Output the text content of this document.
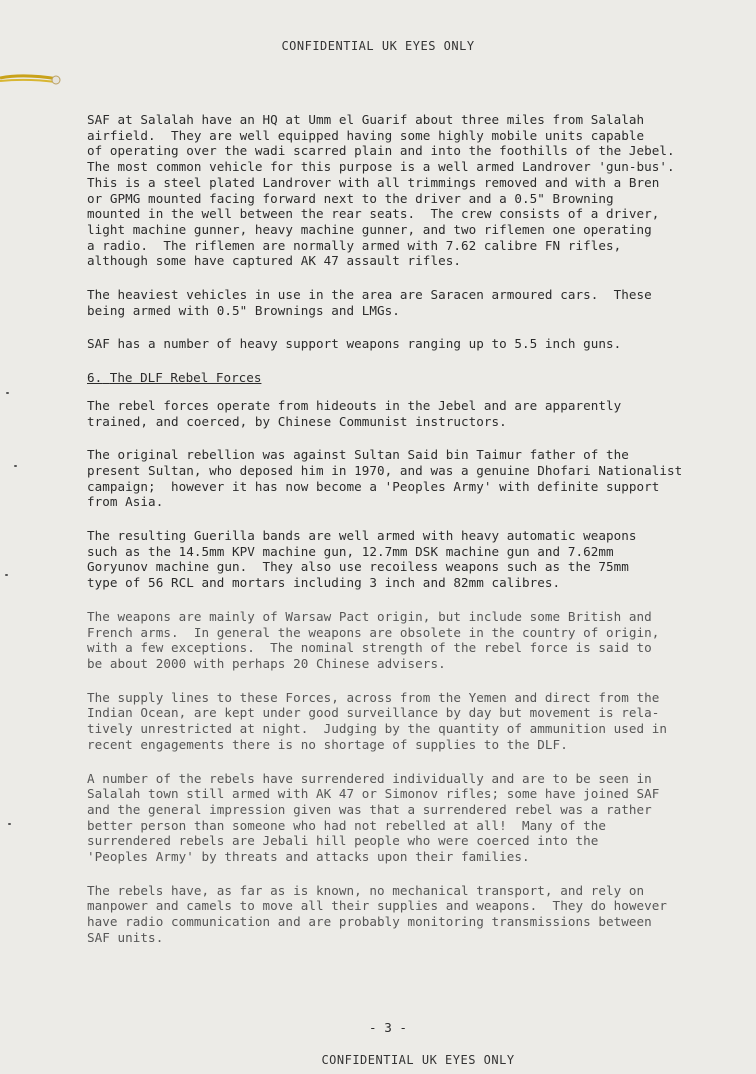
CONFIDENTIAL UK EYES ONLY

SAF at Salalah have an HQ at Umm el Guarif about three miles from Salalah
airfield.  They are well equipped having some highly mobile units capable
of operating over the wadi scarred plain and into the foothills of the Jebel.
The most common vehicle for this purpose is a well armed Landrover 'gun-bus'.
This is a steel plated Landrover with all trimmings removed and with a Bren
or GPMG mounted facing forward next to the driver and a 0.5" Browning
mounted in the well between the rear seats.  The crew consists of a driver,
light machine gunner, heavy machine gunner, and two riflemen one operating
a radio.  The riflemen are normally armed with 7.62 calibre FN rifles,
although some have captured AK 47 assault rifles.

The heaviest vehicles in use in the area are Saracen armoured cars.  These
being armed with 0.5" Brownings and LMGs.

SAF has a number of heavy support weapons ranging up to 5.5 inch guns.

6. The DLF Rebel Forces

The rebel forces operate from hideouts in the Jebel and are apparently
trained, and coerced, by Chinese Communist instructors.

The original rebellion was against Sultan Said bin Taimur father of the
present Sultan, who deposed him in 1970, and was a genuine Dhofari Nationalist
campaign;  however it has now become a 'Peoples Army' with definite support
from Asia.

The resulting Guerilla bands are well armed with heavy automatic weapons
such as the 14.5mm KPV machine gun, 12.7mm DSK machine gun and 7.62mm
Goryunov machine gun.  They also use recoiless weapons such as the 75mm
type of 56 RCL and mortars including 3 inch and 82mm calibres.

The weapons are mainly of Warsaw Pact origin, but include some British and
French arms.  In general the weapons are obsolete in the country of origin,
with a few exceptions.  The nominal strength of the rebel force is said to
be about 2000 with perhaps 20 Chinese advisers.

The supply lines to these Forces, across from the Yemen and direct from the
Indian Ocean, are kept under good surveillance by day but movement is rela-
tively unrestricted at night.  Judging by the quantity of ammunition used in
recent engagements there is no shortage of supplies to the DLF.

A number of the rebels have surrendered individually and are to be seen in
Salalah town still armed with AK 47 or Simonov rifles; some have joined SAF
and the general impression given was that a surrendered rebel was a rather
better person than someone who had not rebelled at all!  Many of the
surrendered rebels are Jebali hill people who were coerced into the
'Peoples Army' by threats and attacks upon their families.

The rebels have, as far as is known, no mechanical transport, and rely on
manpower and camels to move all their supplies and weapons.  They do however
have radio communication and are probably monitoring transmissions between
SAF units.

- 3 -
CONFIDENTIAL UK EYES ONLY
